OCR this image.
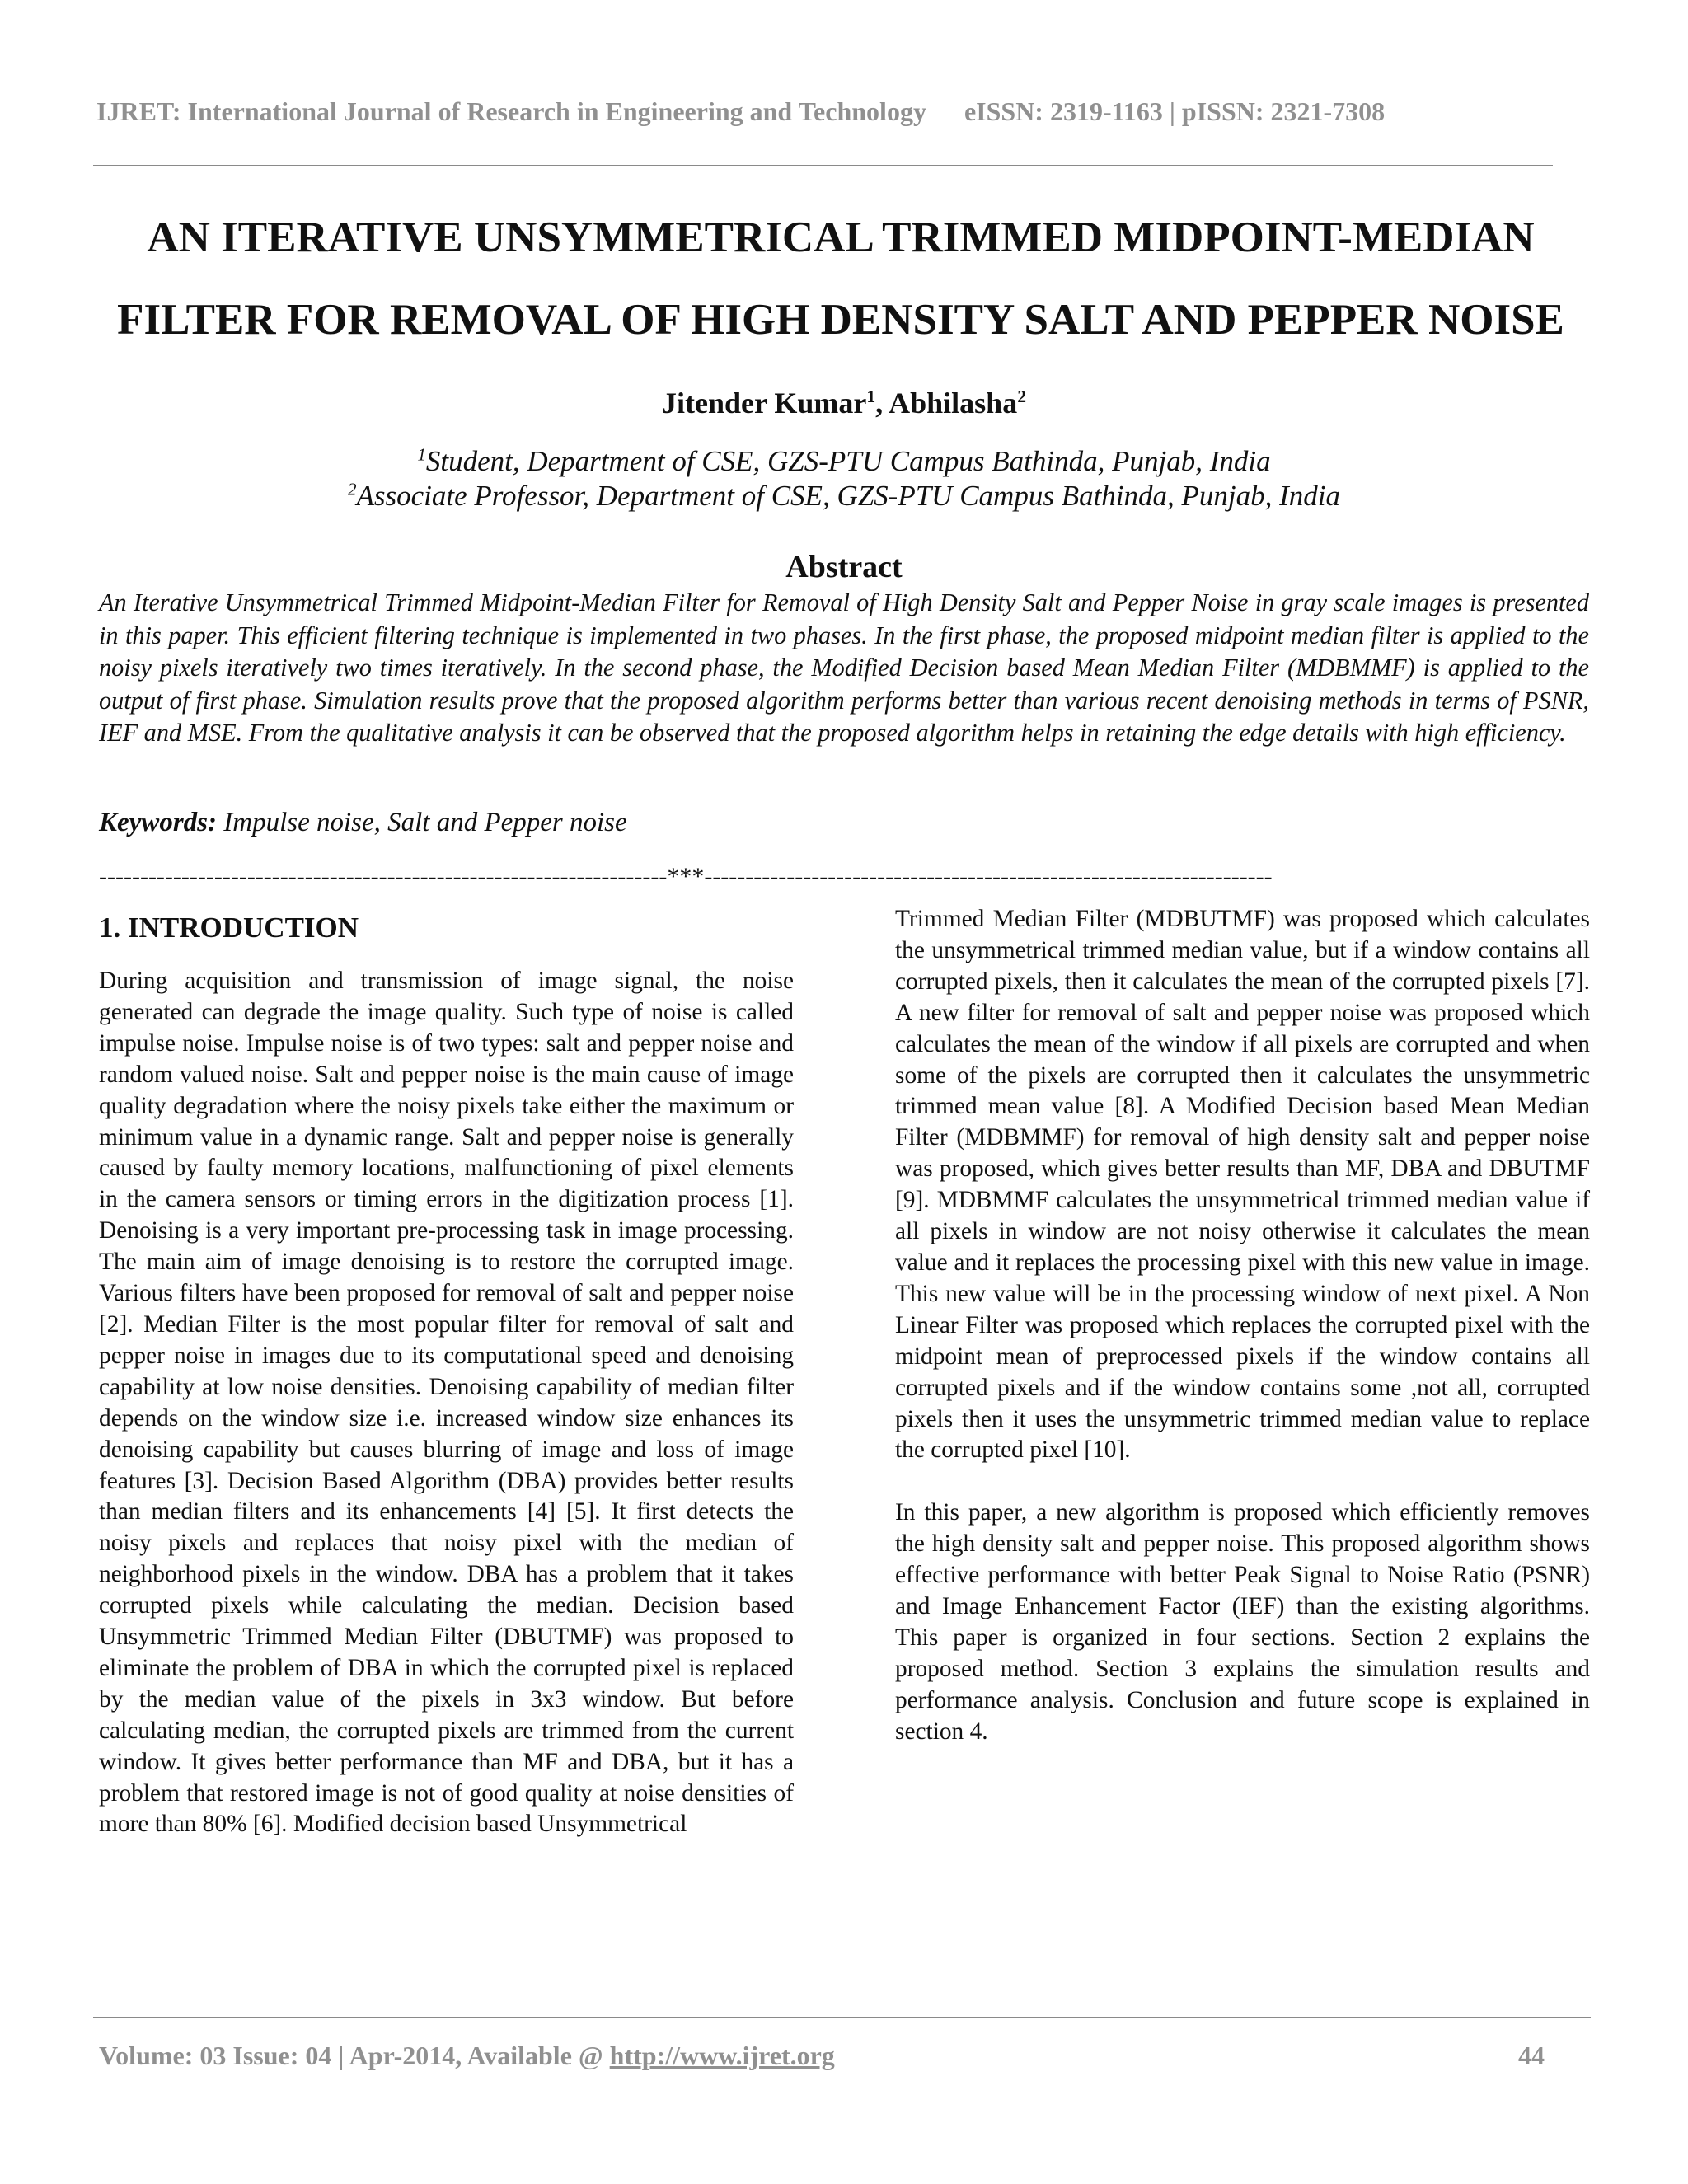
IJRET: International Journal of Research in Engineering and Technology eISSN: 2319-1163 | pISSN: 2321-7308
AN ITERATIVE UNSYMMETRICAL TRIMMED MIDPOINT-MEDIAN
FILTER FOR REMOVAL OF HIGH DENSITY SALT AND PEPPER NOISE
Jitender Kumar$^1$, Abhilasha$^2$
$^1$Student, Department of CSE, GZS-PTU Campus Bathinda, Punjab, India
$^2$Associate Professor, Department of CSE, GZS-PTU Campus Bathinda, Punjab, India
Abstract
An Iterative Unsymmetrical Trimmed Midpoint-Median Filter for Removal of High Density Salt and Pepper Noise in gray scale images is presented in this paper. This efficient filtering technique is implemented in two phases. In the first phase, the proposed midpoint median filter is applied to the noisy pixels iteratively two times iteratively. In the second phase, the Modified Decision based Mean Median Filter (MDBMMF) is applied to the output of first phase. Simulation results prove that the proposed algorithm performs better than various recent denoising methods in terms of PSNR, IEF and MSE. From the qualitative analysis it can be observed that the proposed algorithm helps in retaining the edge details with high efficiency.
Keywords: Impulse noise, Salt and Pepper noise
---------------------------------------------------------------------***---------------------------------------------------------------------
1. INTRODUCTION
During acquisition and transmission of image signal, the noise generated can degrade the image quality. Such type of noise is called impulse noise. Impulse noise is of two types: salt and pepper noise and random valued noise. Salt and pepper noise is the main cause of image quality degradation where the noisy pixels take either the maximum or minimum value in a dynamic range. Salt and pepper noise is generally caused by faulty memory locations, malfunctioning of pixel elements in the camera sensors or timing errors in the digitization process [1]. Denoising is a very important pre-processing task in image processing. The main aim of image denoising is to restore the corrupted image. Various filters have been proposed for removal of salt and pepper noise [2]. Median Filter is the most popular filter for removal of salt and pepper noise in images due to its computational speed and denoising capability at low noise densities. Denoising capability of median filter depends on the window size i.e. increased window size enhances its denoising capability but causes blurring of image and loss of image features [3]. Decision Based Algorithm (DBA) provides better results than median filters and its enhancements [4] [5]. It first detects the noisy pixels and replaces that noisy pixel with the median of neighborhood pixels in the window. DBA has a problem that it takes corrupted pixels while calculating the median. Decision based Unsymmetric Trimmed Median Filter (DBUTMF) was proposed to eliminate the problem of DBA in which the corrupted pixel is replaced by the median value of the pixels in 3x3 window. But before calculating median, the corrupted pixels are trimmed from the current window. It gives better performance than MF and DBA, but it has a problem that restored image is not of good quality at noise densities of more than 80% [6]. Modified decision based Unsymmetrical
Trimmed Median Filter (MDBUTMF) was proposed which calculates the unsymmetrical trimmed median value, but if a window contains all corrupted pixels, then it calculates the mean of the corrupted pixels [7]. A new filter for removal of salt and pepper noise was proposed which calculates the mean of the window if all pixels are corrupted and when some of the pixels are corrupted then it calculates the unsymmetric trimmed mean value [8]. A Modified Decision based Mean Median Filter (MDBMMF) for removal of high density salt and pepper noise was proposed, which gives better results than MF, DBA and DBUTMF [9]. MDBMMF calculates the unsymmetrical trimmed median value if all pixels in window are not noisy otherwise it calculates the mean value and it replaces the processing pixel with this new value in image. This new value will be in the processing window of next pixel. A Non Linear Filter was proposed which replaces the corrupted pixel with the midpoint mean of preprocessed pixels if the window contains all corrupted pixels and if the window contains some ,not all, corrupted pixels then it uses the unsymmetric trimmed median value to replace the corrupted pixel [10].
In this paper, a new algorithm is proposed which efficiently removes the high density salt and pepper noise. This proposed algorithm shows effective performance with better Peak Signal to Noise Ratio (PSNR) and Image Enhancement Factor (IEF) than the existing algorithms. This paper is organized in four sections. Section 2 explains the proposed method. Section 3 explains the simulation results and performance analysis. Conclusion and future scope is explained in section 4.
Volume: 03 Issue: 04 | Apr-2014, Available @ http://www.ijret.org	44
